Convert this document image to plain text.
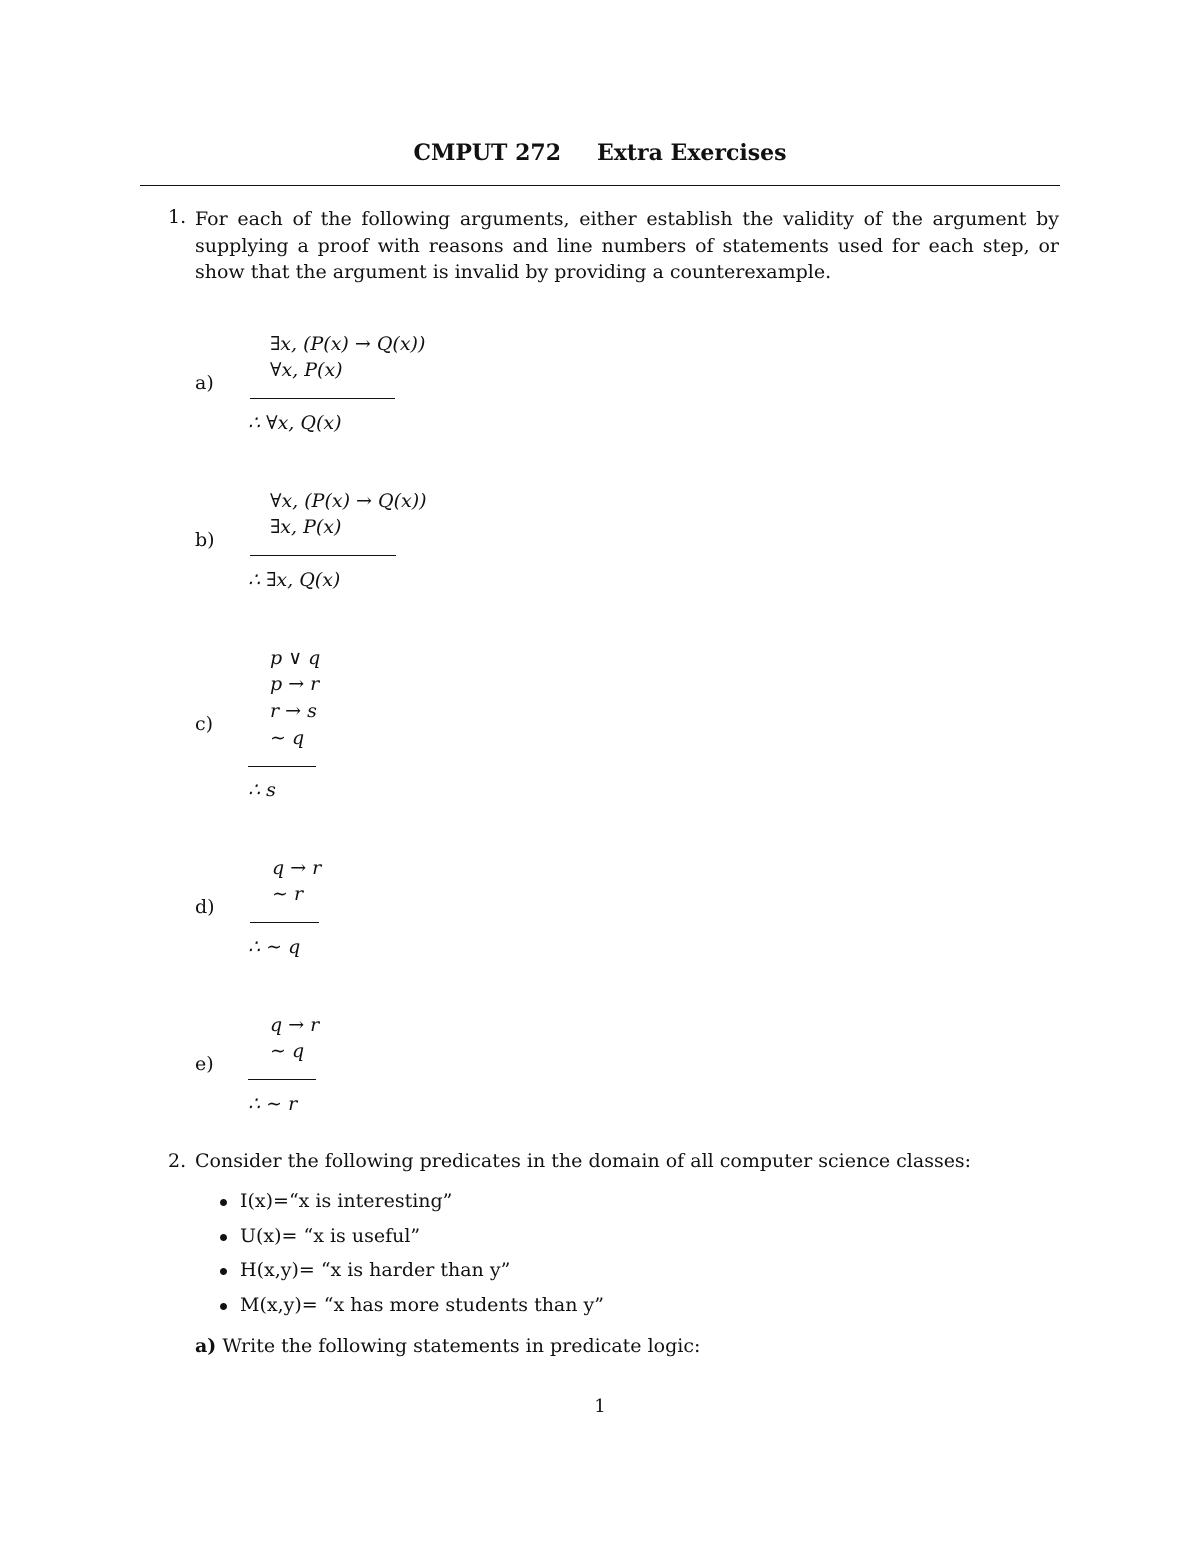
CMPUT 272 Extra Exercises
1. For each of the following arguments, either establish the validity of the argument by supplying a proof with reasons and line numbers of statements used for each step, or show that the argument is invalid by providing a counterexample.
a)
∃x, (P(x) → Q(x))
∀x, P(x)
∴ ∀x, Q(x)
b)
∀x, (P(x) → Q(x))
∃x, P(x)
∴ ∃x, Q(x)
c)
p ∨ q
p → r
r → s
∼ q
∴ s
d)
q → r
∼ r
∴ ∼ q
e)
q → r
∼ q
∴ ∼ r
2. Consider the following predicates in the domain of all computer science classes:
I(x)=“x is interesting”
U(x)= “x is useful”
H(x,y)= “x is harder than y”
M(x,y)= “x has more students than y”
a) Write the following statements in predicate logic:
1
